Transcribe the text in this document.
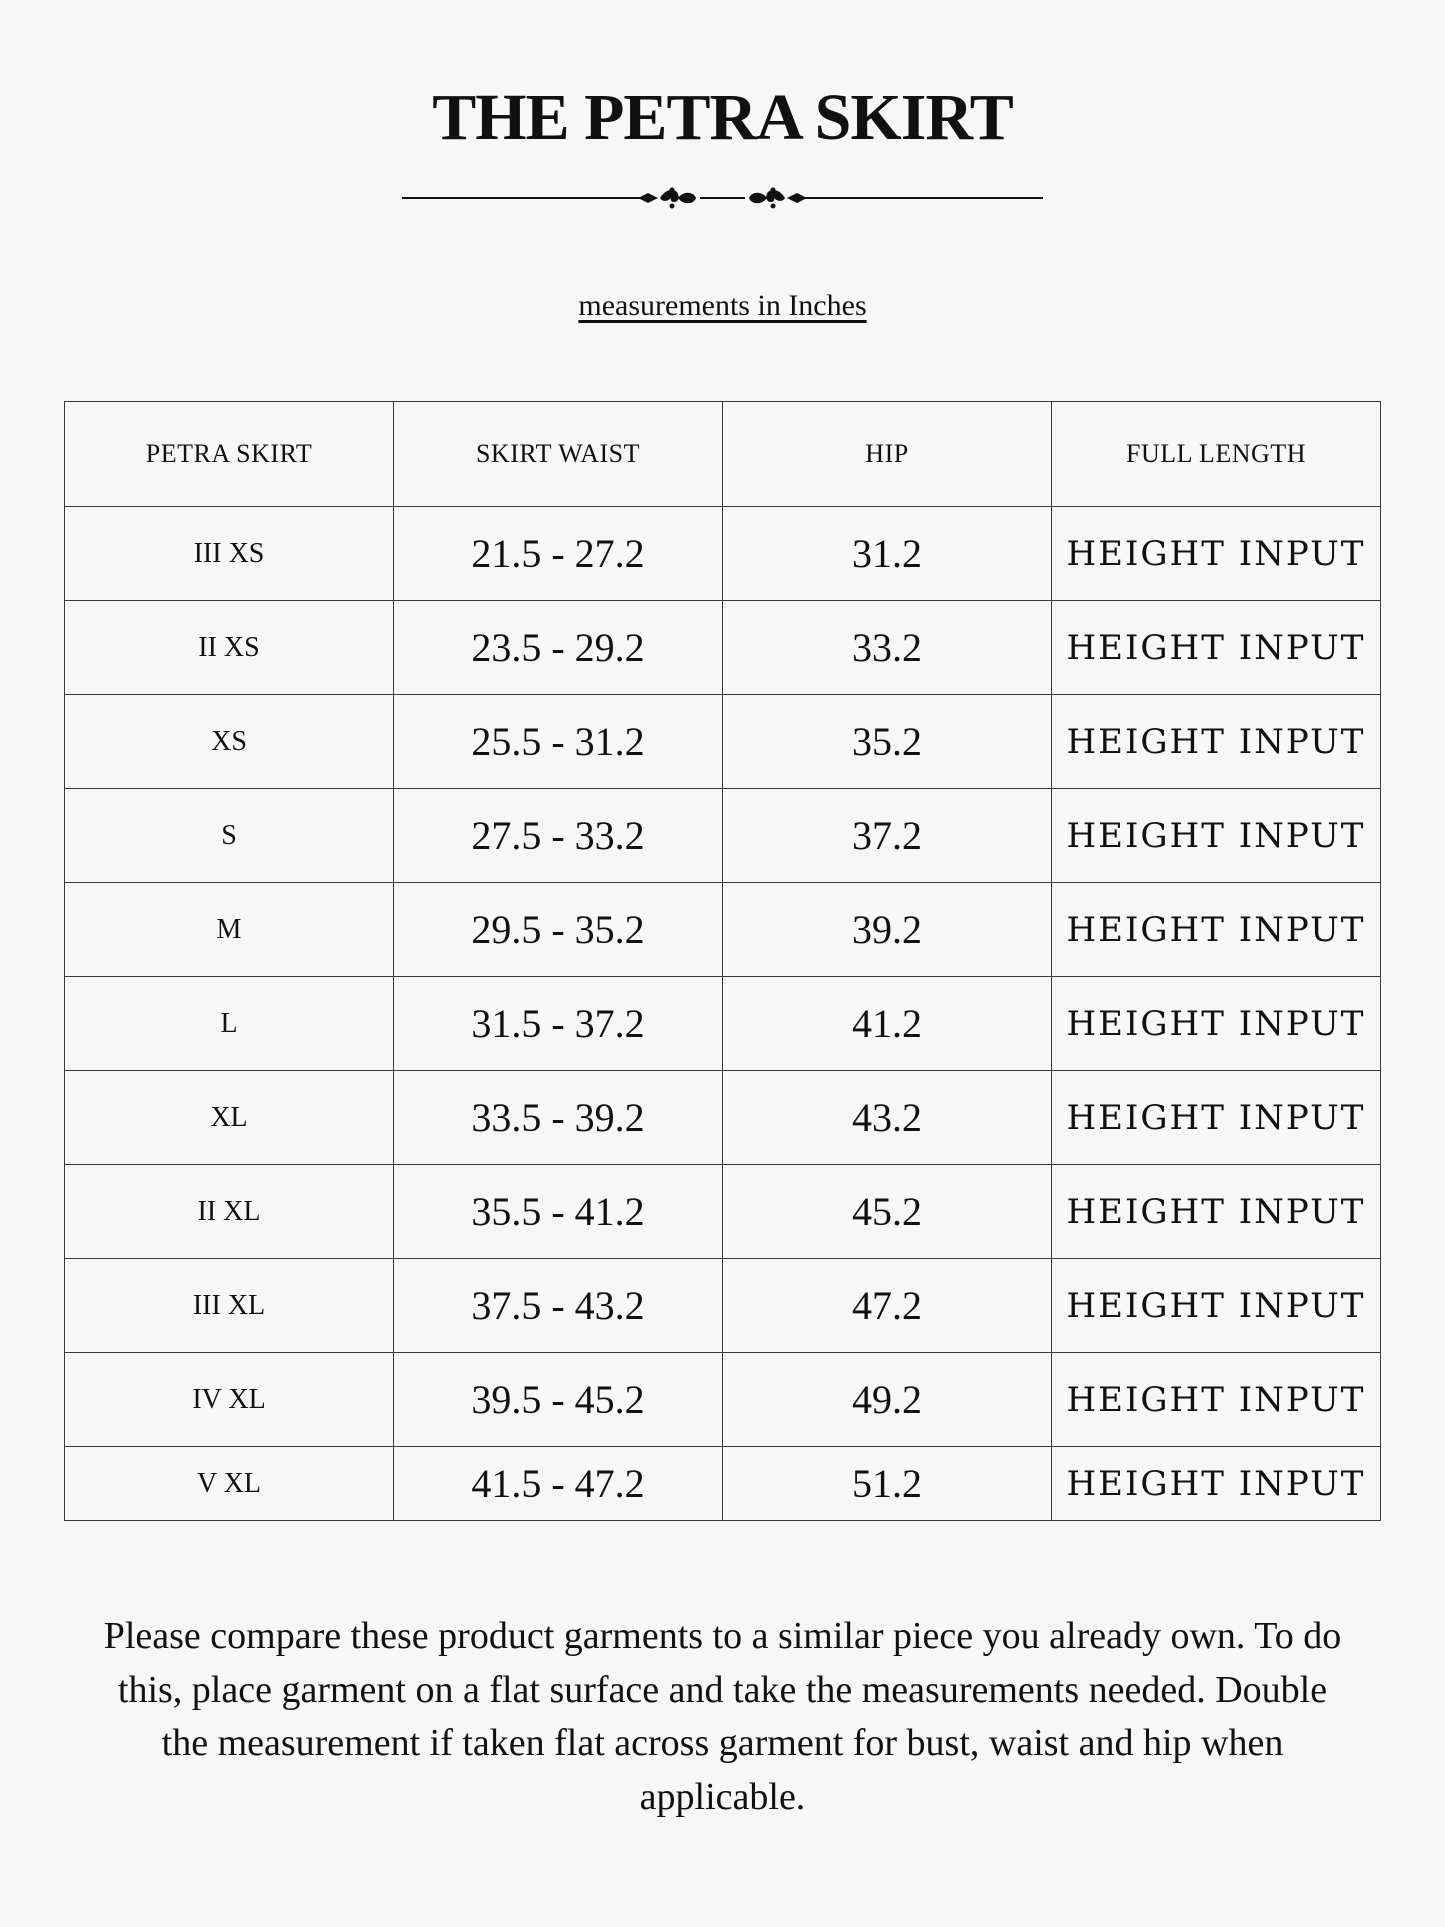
THE PETRA SKIRT
measurements in Inches
PETRA SKIRT	SKIRT WAIST	HIP	FULL LENGTH
III XS	21.5 - 27.2	31.2	HEIGHT INPUT
II XS	23.5 - 29.2	33.2	HEIGHT INPUT
XS	25.5 - 31.2	35.2	HEIGHT INPUT
S	27.5 - 33.2	37.2	HEIGHT INPUT
M	29.5 - 35.2	39.2	HEIGHT INPUT
L	31.5 - 37.2	41.2	HEIGHT INPUT
XL	33.5 - 39.2	43.2	HEIGHT INPUT
II XL	35.5 - 41.2	45.2	HEIGHT INPUT
III XL	37.5 - 43.2	47.2	HEIGHT INPUT
IV XL	39.5 - 45.2	49.2	HEIGHT INPUT
V XL	41.5 - 47.2	51.2	HEIGHT INPUT
Please compare these product garments to a similar piece you already own. To do this, place garment on a flat surface and take the measurements needed. Double the measurement if taken flat across garment for bust, waist and hip when applicable.
